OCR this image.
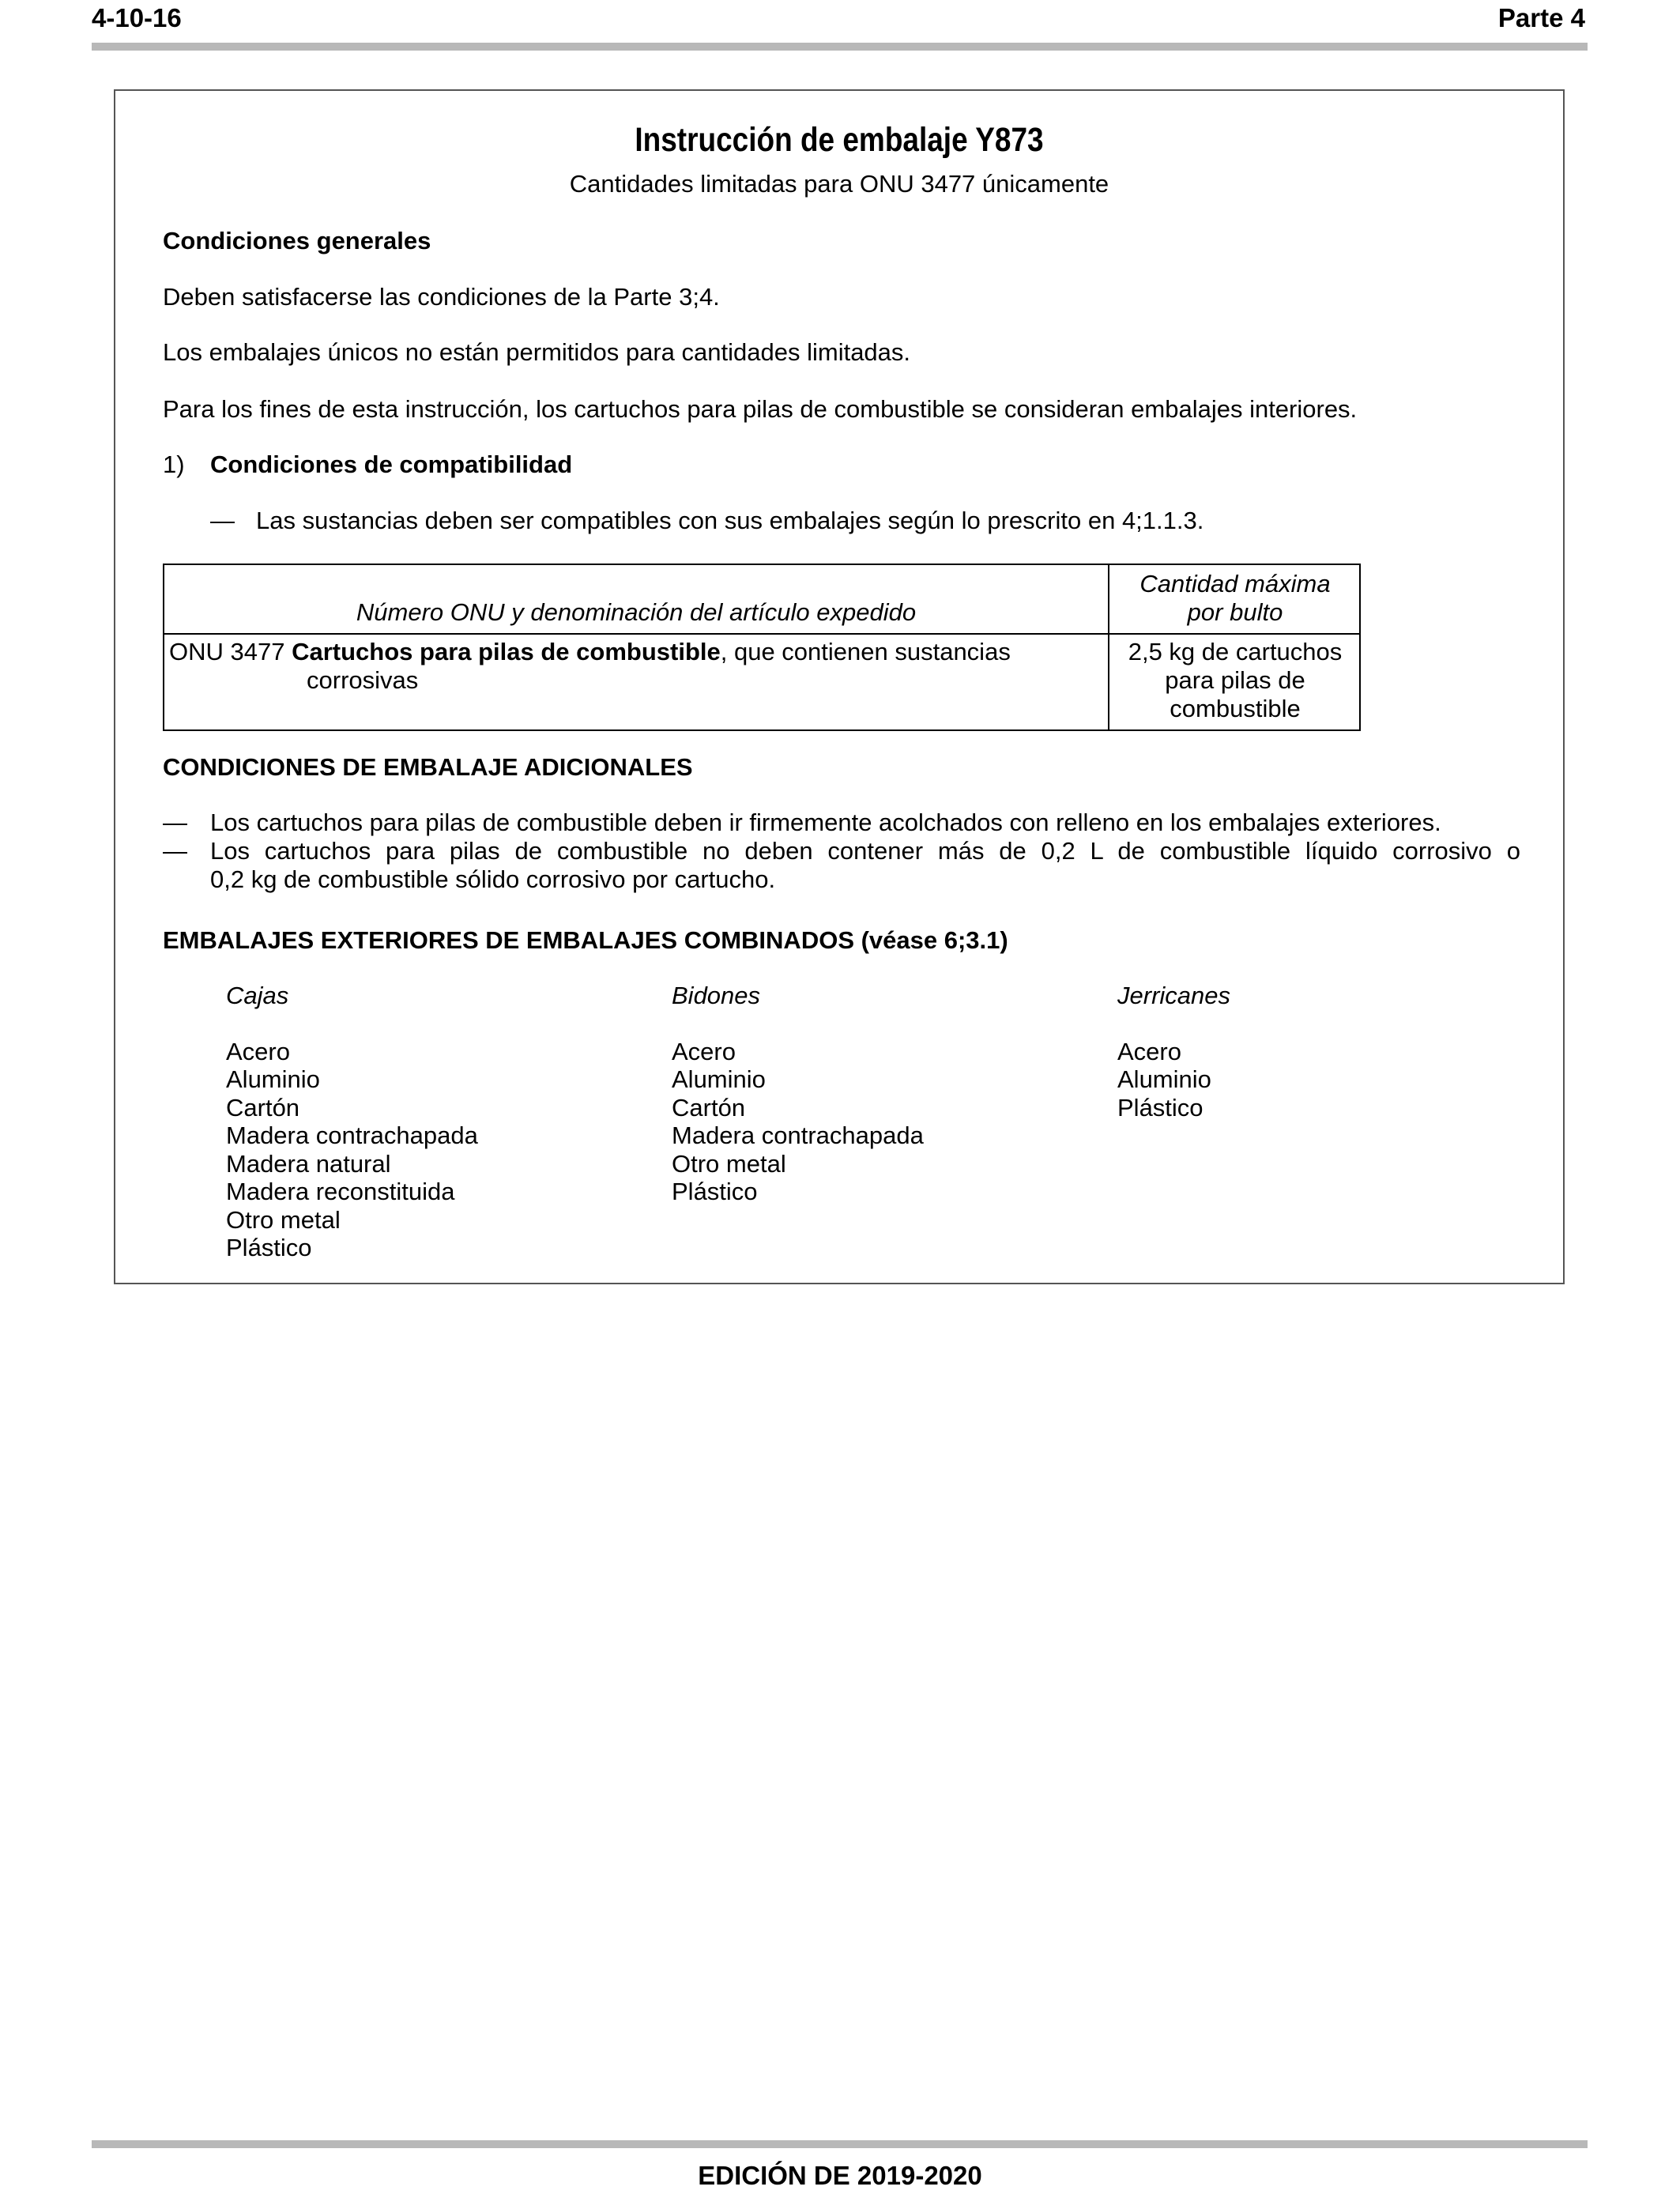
4-10-16	Parte 4
Instrucción de embalaje Y873
Cantidades limitadas para ONU 3477 únicamente
Condiciones generales
Deben satisfacerse las condiciones de la Parte 3;4.
Los embalajes únicos no están permitidos para cantidades limitadas.
Para los fines de esta instrucción, los cartuchos para pilas de combustible se consideran embalajes interiores.
1) Condiciones de compatibilidad
— Las sustancias deben ser compatibles con sus embalajes según lo prescrito en 4;1.1.3.
Número ONU y denominación del artículo expedido
Cantidad máxima
por bulto
ONU 3477 Cartuchos para pilas de combustible, que contienen sustancias
corrosivas
2,5 kg de cartuchos
para pilas de
combustible
CONDICIONES DE EMBALAJE ADICIONALES
— Los cartuchos para pilas de combustible deben ir firmemente acolchados con relleno en los embalajes exteriores.
— Los cartuchos para pilas de combustible no deben contener más de 0,2 L de combustible líquido corrosivo o
0,2 kg de combustible sólido corrosivo por cartucho.
EMBALAJES EXTERIORES DE EMBALAJES COMBINADOS (véase 6;3.1)
Cajas
Acero
Aluminio
Cartón
Madera contrachapada
Madera natural
Madera reconstituida
Otro metal
Plástico
Bidones
Acero
Aluminio
Cartón
Madera contrachapada
Otro metal
Plástico
Jerricanes
Acero
Aluminio
Plástico
EDICIÓN DE 2019-2020
